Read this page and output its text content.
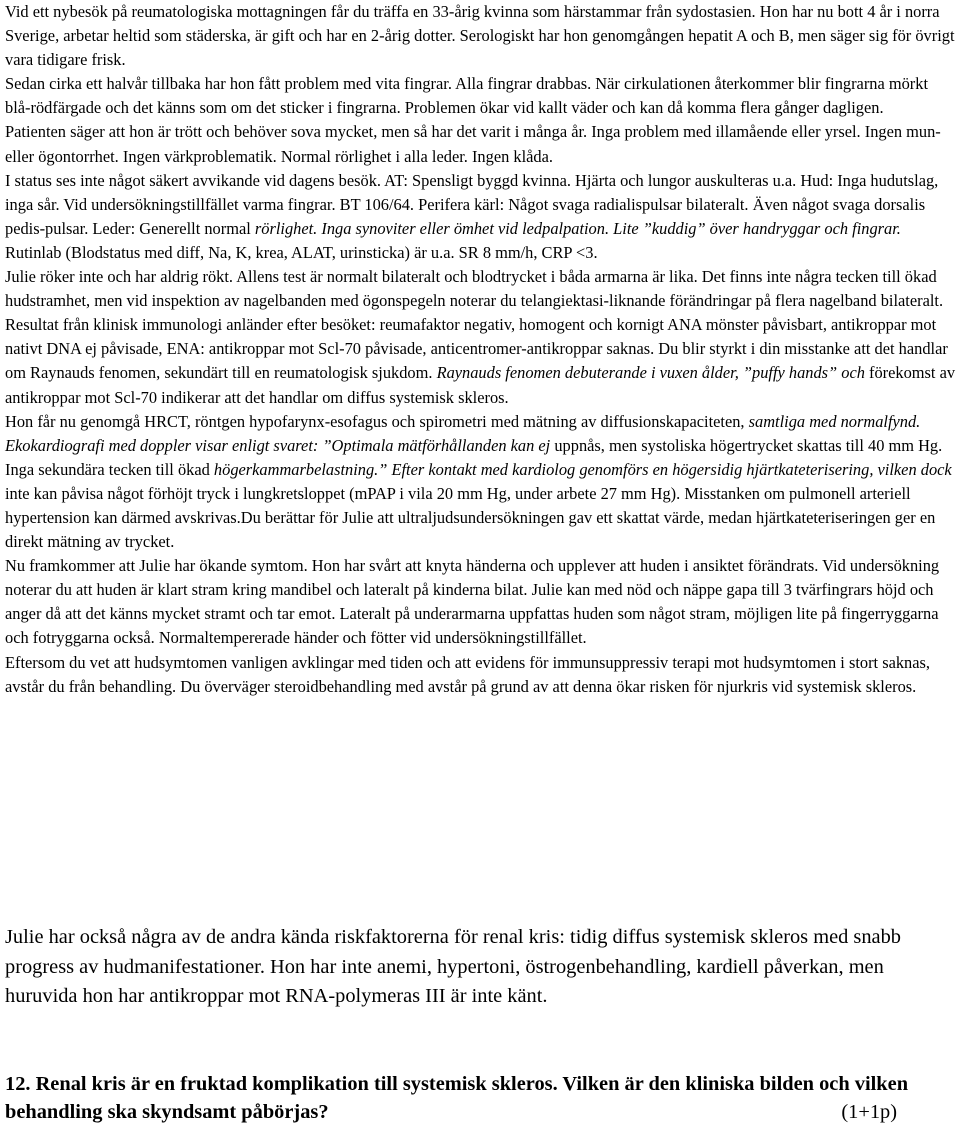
Vid ett nybesök på reumatologiska mottagningen får du träffa en 33-årig kvinna som härstammar från sydostasien. Hon har nu bott 4 år i norra Sverige, arbetar heltid som städerska, är gift och har en 2-årig dotter. Serologiskt har hon genomgången hepatit A och B, men säger sig för övrigt vara tidigare frisk.

Sedan cirka ett halvår tillbaka har hon fått problem med vita fingrar. Alla fingrar drabbas. När cirkulationen återkommer blir fingrarna mörkt blå-rödfärgade och det känns som om det sticker i fingrarna. Problemen ökar vid kallt väder och kan då komma flera gånger dagligen.

Patienten säger att hon är trött och behöver sova mycket, men så har det varit i många år. Inga problem med illamående eller yrsel. Ingen mun- eller ögontorrhet. Ingen värkproblematik. Normal rörlighet i alla leder. Ingen klåda.

I status ses inte något säkert avvikande vid dagens besök. AT: Spensligt byggd kvinna. Hjärta och lungor auskulteras u.a. Hud: Inga hudutslag, inga sår. Vid undersökningstillfället varma fingrar. BT 106/64. Perifera kärl: Något svaga radialispulsar bilateralt. Även något svaga dorsalis pedis-pulsar. Leder: Generellt normal rörlighet. Inga synoviter eller ömhet vid ledpalpation. Lite ”kuddig” över handryggar och fingrar.

Rutinlab (Blodstatus med diff, Na, K, krea, ALAT, urinsticka) är u.a. SR 8 mm/h, CRP <3.

Julie röker inte och har aldrig rökt. Allens test är normalt bilateralt och blodtrycket i båda armarna är lika. Det finns inte några tecken till ökad hudstramhet, men vid inspektion av nagelbanden med ögonspegeln noterar du telangiektasi-liknande förändringar på flera nagelband bilateralt.

Resultat från klinisk immunologi anländer efter besöket: reumafaktor negativ, homogent och kornigt ANA mönster påvisbart, antikroppar mot nativt DNA ej påvisade, ENA: antikroppar mot Scl-70 påvisade, anticentromer-antikroppar saknas. Du blir styrkt i din misstanke att det handlar om Raynauds fenomen, sekundärt till en reumatologisk sjukdom. Raynauds fenomen debuterande i vuxen ålder, ”puffy hands” och förekomst av antikroppar mot Scl-70 indikerar att det handlar om diffus systemisk skleros.

Hon får nu genomgå HRCT, röntgen hypofarynx-esofagus och spirometri med mätning av diffusionskapaciteten, samtliga med normalfynd. Ekokardiografi med doppler visar enligt svaret: ”Optimala mätförhållanden kan ej uppnås, men systoliska högertrycket skattas till 40 mm Hg. Inga sekundära tecken till ökad högerkammarbelastning.” Efter kontakt med kardiolog genomförs en högersidig hjärtkateterisering, vilken dock inte kan påvisa något förhöjt tryck i lungkretsloppet (mPAP i vila 20 mm Hg, under arbete 27 mm Hg). Misstanken om pulmonell arteriell hypertension kan därmed avskrivas.Du berättar för Julie att ultraljudsundersökningen gav ett skattat värde, medan hjärtkateteriseringen ger en direkt mätning av trycket.

Nu framkommer att Julie har ökande symtom. Hon har svårt att knyta händerna och upplever att huden i ansiktet förändrats. Vid undersökning noterar du att huden är klart stram kring mandibel och lateralt på kinderna bilat. Julie kan med nöd och näppe gapa till 3 tvärfingrars höjd och anger då att det känns mycket stramt och tar emot. Lateralt på underarmarna uppfattas huden som något stram, möjligen lite på fingerryggarna och fotryggarna också. Normaltempererade händer och fötter vid undersökningstillfället.

Eftersom du vet att hudsymtomen vanligen avklingar med tiden och att evidens för immunsuppressiv terapi mot hudsymtomen i stort saknas, avstår du från behandling. Du överväger steroidbehandling med avstår på grund av att denna ökar risken för njurkris vid systemisk skleros.

Julie har också några av de andra kända riskfaktorerna för renal kris: tidig diffus systemisk skleros med snabb progress av hudmanifestationer. Hon har inte anemi, hypertoni, östrogenbehandling, kardiell påverkan, men huruvida hon har antikroppar mot RNA-polymeras III är inte känt.

12. Renal kris är en fruktad komplikation till systemisk skleros. Vilken är den kliniska bilden och vilken behandling ska skyndsamt påbörjas?	(1+1p)
